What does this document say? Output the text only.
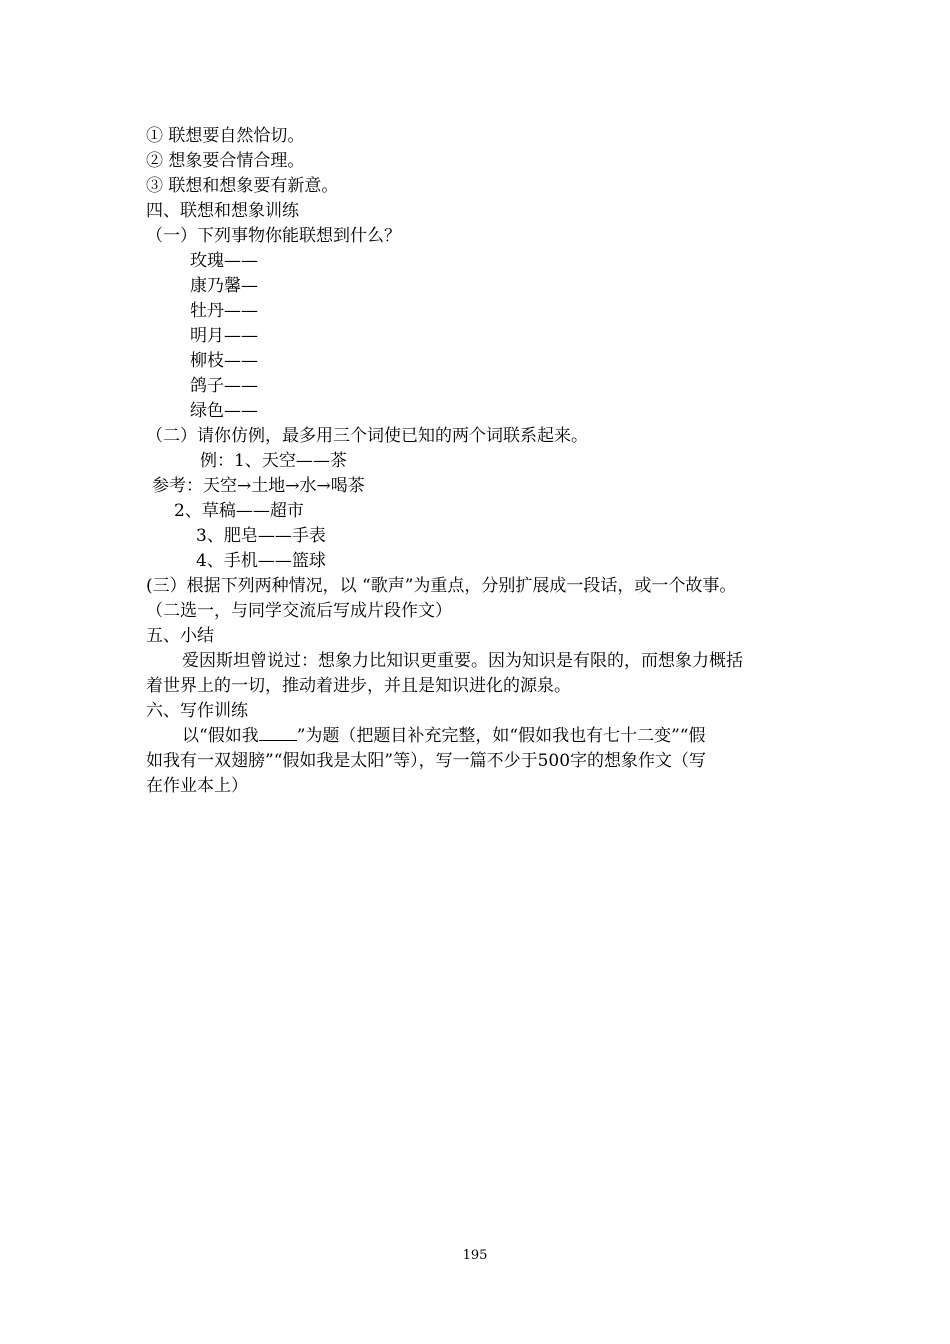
① 联想要自然恰切。
② 想象要合情合理。
③ 联想和想象要有新意。
四、联想和想象训练
（一）下列事物你能联想到什么？
玫瑰——
康乃馨—
牡丹——
明月——
柳枝——
鸽子——
绿色——
（二）请你仿例，最多用三个词使已知的两个词联系起来。
例：1、天空——茶
参考：天空→土地→水→喝茶
2、草稿——超市
3、肥皂——手表
4、手机——篮球
(三）根据下列两种情况，以 “歌声”为重点，分别扩展成一段话，或一个故事。
（二选一，与同学交流后写成片段作文）
五、小结
爱因斯坦曾说过：想象力比知识更重要。因为知识是有限的，而想象力概括
着世界上的一切，推动着进步，并且是知识进化的源泉。
六、写作训练
以“假如我 ”为题（把题目补充完整，如“假如我也有七十二变”“假
如我有一双翅膀”“假如我是太阳”等），写一篇不少于500字的想象作文（写
在作业本上）
195
